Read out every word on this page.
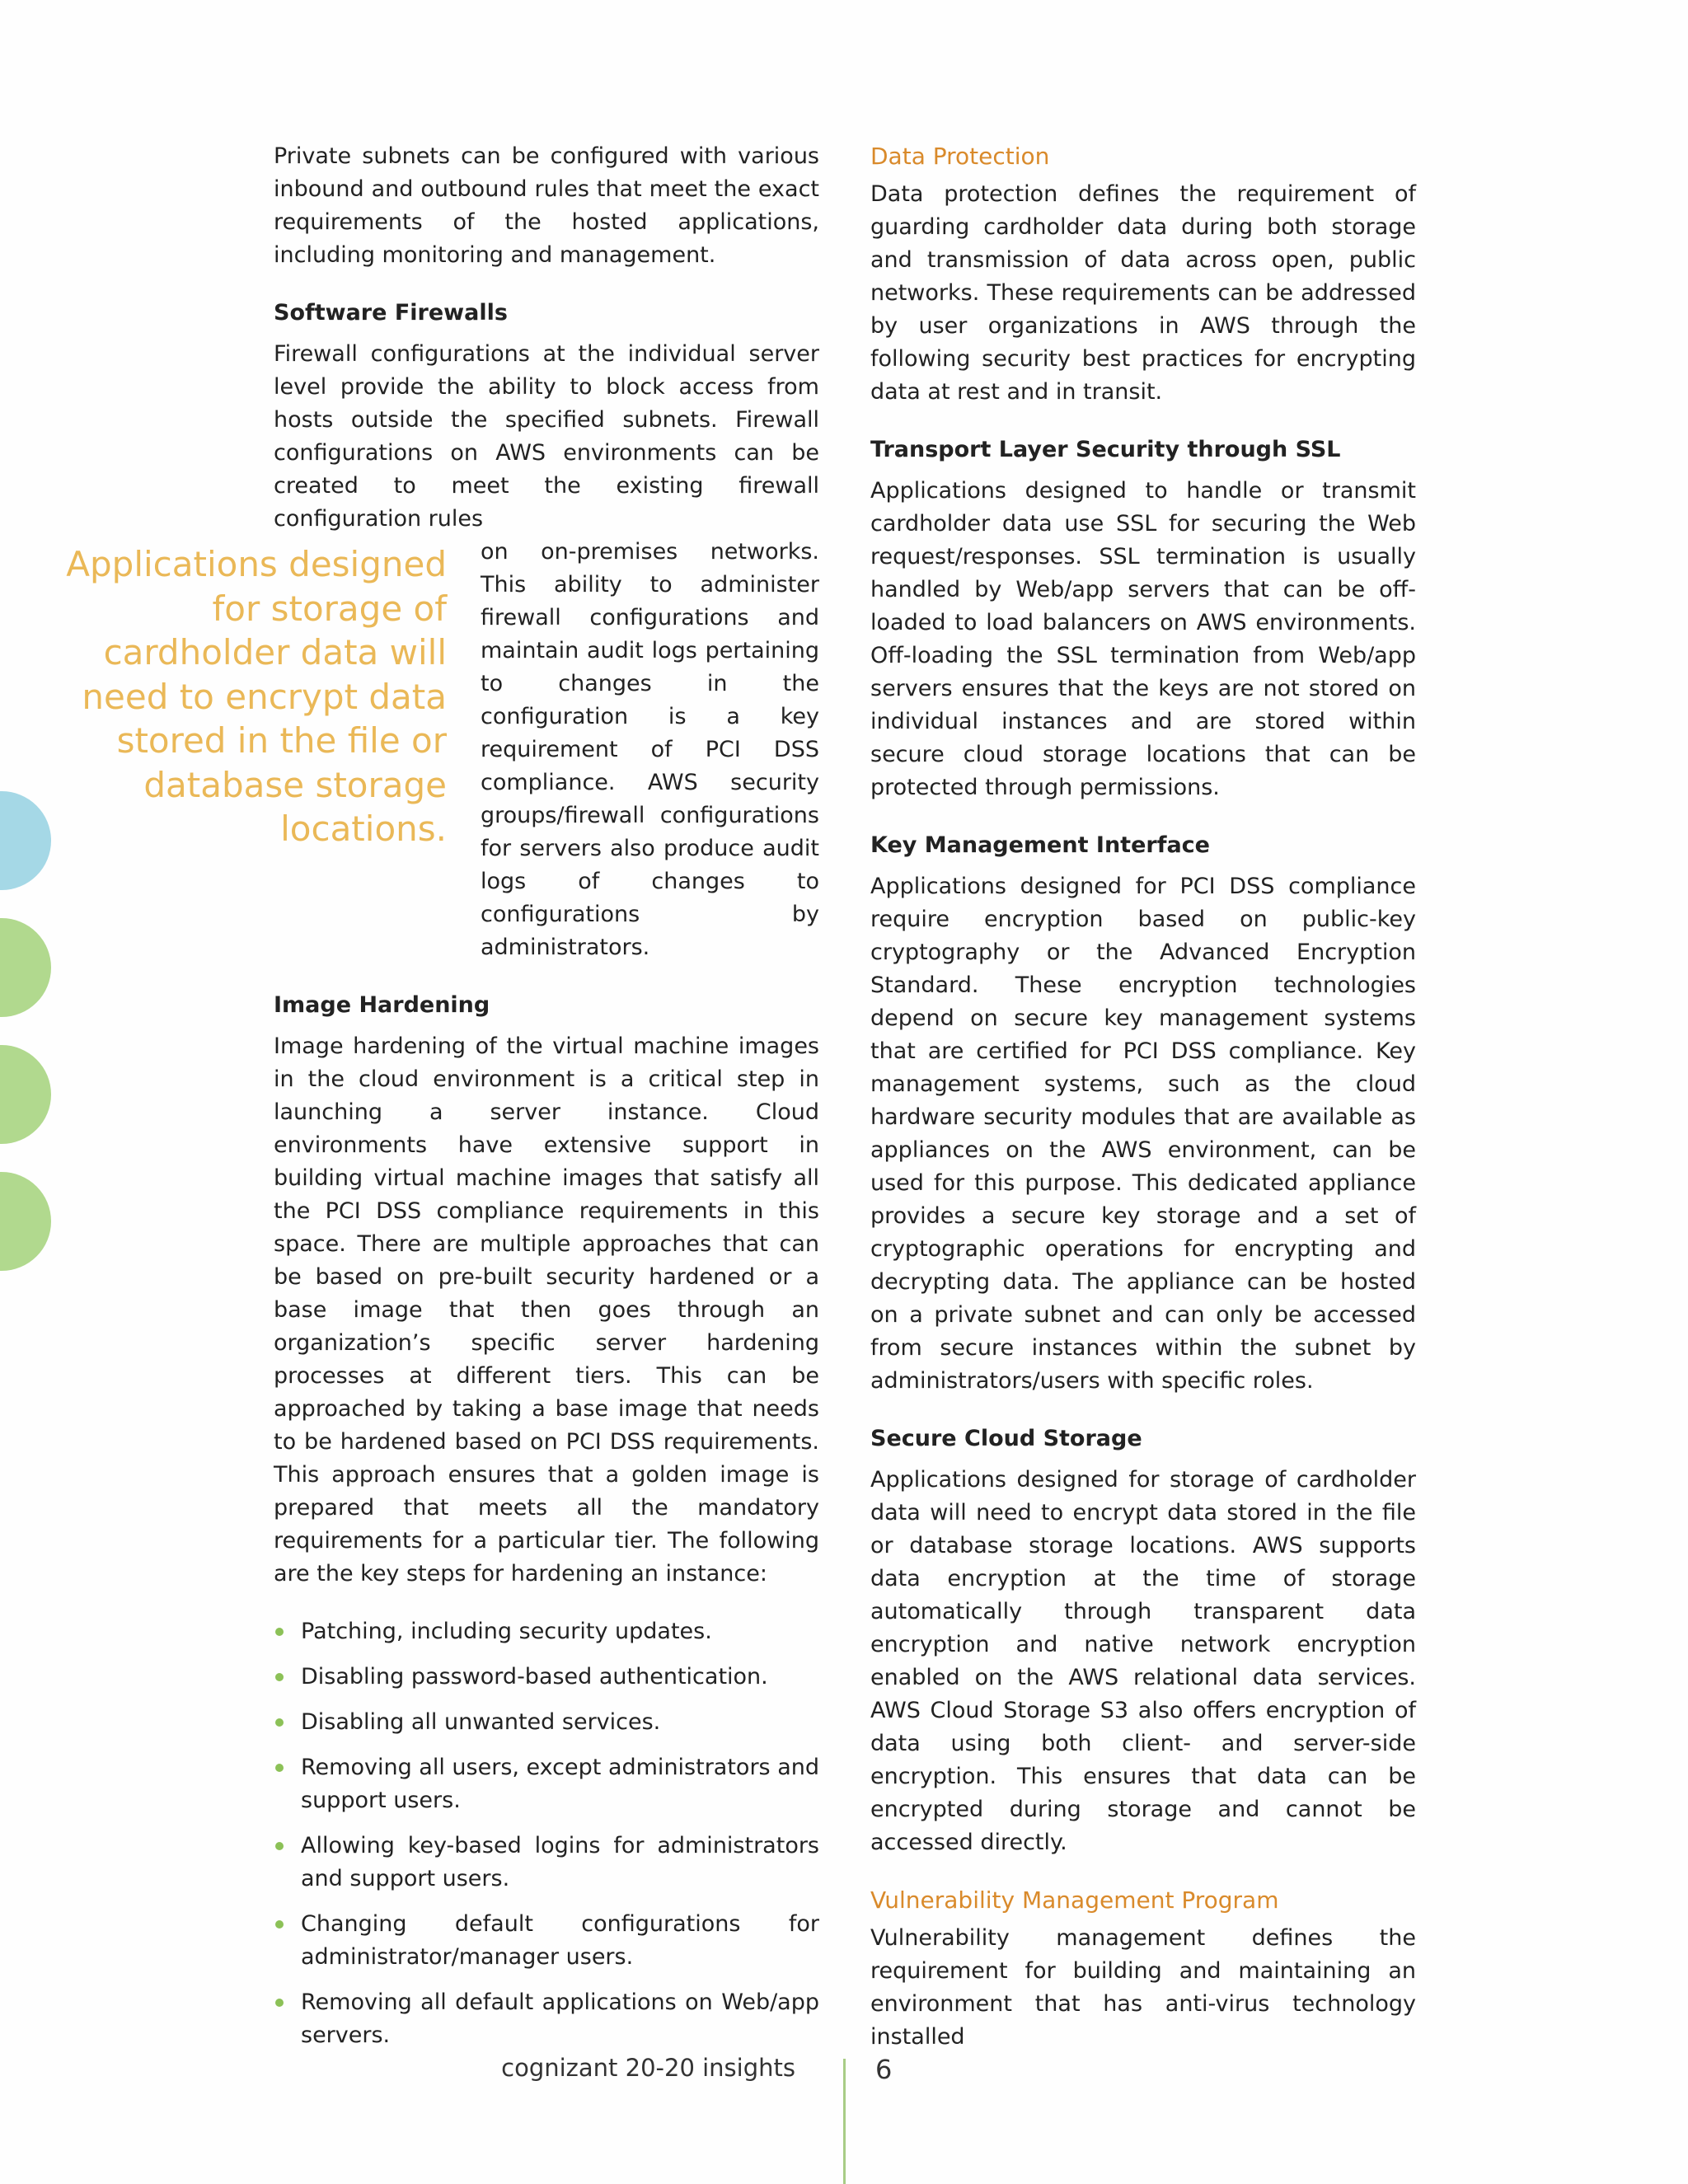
Applications designed for storage of cardholder data will need to encrypt data stored in the file or database storage locations.

Private subnets can be configured with various inbound and outbound rules that meet the exact requirements of the hosted applications, including monitoring and management.

Software Firewalls

Firewall configurations at the individual server level provide the ability to block access from hosts outside the specified subnets. Firewall configurations on AWS environments can be created to meet the existing firewall configuration rules

on on-premises networks. This ability to administer firewall configurations and maintain audit logs pertaining to changes in the configuration is a key requirement of PCI DSS compliance. AWS security groups/firewall configurations for servers also produce audit logs of changes to configurations by administrators.

Image Hardening

Image hardening of the virtual machine images in the cloud environment is a critical step in launching a server instance. Cloud environments have extensive support in building virtual machine images that satisfy all the PCI DSS compliance requirements in this space. There are multiple approaches that can be based on pre-built security hardened or a base image that then goes through an organization’s specific server hardening processes at different tiers. This can be approached by taking a base image that needs to be hardened based on PCI DSS requirements. This approach ensures that a golden image is prepared that meets all the mandatory requirements for a particular tier. The following are the key steps for hardening an instance:

Patching, including security updates.
Disabling password-based authentication.
Disabling all unwanted services.
Removing all users, except administrators and support users.
Allowing key-based logins for administrators and support users.
Changing default configurations for administrator/manager users.
Removing all default applications on Web/app servers.
Data Protection

Data protection defines the requirement of guarding cardholder data during both storage and transmission of data across open, public networks. These requirements can be addressed by user organizations in AWS through the following security best practices for encrypting data at rest and in transit.

Transport Layer Security through SSL

Applications designed to handle or transmit cardholder data use SSL for securing the Web request/responses. SSL termination is usually handled by Web/app servers that can be off-loaded to load balancers on AWS environments. Off-loading the SSL termination from Web/app servers ensures that the keys are not stored on individual instances and are stored within secure cloud storage locations that can be protected through permissions.

Key Management Interface

Applications designed for PCI DSS compliance require encryption based on public-key cryptography or the Advanced Encryption Standard. These encryption technologies depend on secure key management systems that are certified for PCI DSS compliance. Key management systems, such as the cloud hardware security modules that are available as appliances on the AWS environment, can be used for this purpose. This dedicated appliance provides a secure key storage and a set of cryptographic operations for encrypting and decrypting data. The appliance can be hosted on a private subnet and can only be accessed from secure instances within the subnet by administrators/users with specific roles.

Secure Cloud Storage

Applications designed for storage of cardholder data will need to encrypt data stored in the file or database storage locations. AWS supports data encryption at the time of storage automatically through transparent data encryption and native network encryption enabled on the AWS relational data services. AWS Cloud Storage S3 also offers encryption of data using both client- and server-side encryption. This ensures that data can be encrypted during storage and cannot be accessed directly.

Vulnerability Management Program

Vulnerability management defines the requirement for building and maintaining an environment that has anti-virus technology installed

cognizant 20-20 insights	6
